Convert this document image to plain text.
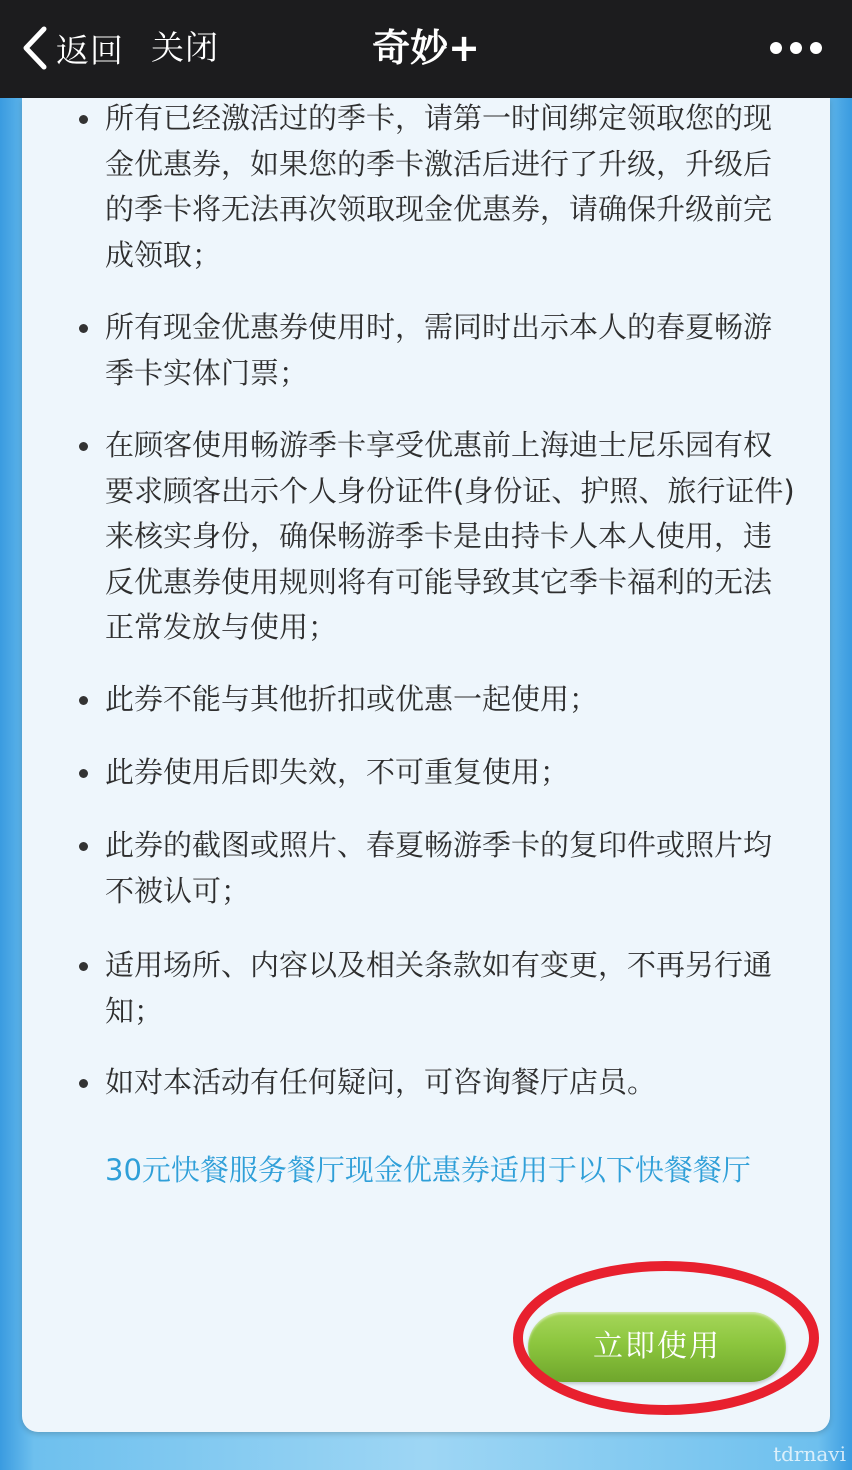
返回 关闭	奇妙+
所有已经激活过的季卡，请第一时间绑定领取您的现金优惠券，如果您的季卡激活后进行了升级，升级后的季卡将无法再次领取现金优惠券，请确保升级前完成领取；
所有现金优惠券使用时，需同时出示本人的春夏畅游季卡实体门票；
在顾客使用畅游季卡享受优惠前上海迪士尼乐园有权要求顾客出示个人身份证件(身份证、护照、旅行证件)来核实身份，确保畅游季卡是由持卡人本人使用，违反优惠券使用规则将有可能导致其它季卡福利的无法正常发放与使用；
此券不能与其他折扣或优惠一起使用；
此券使用后即失效，不可重复使用；
此券的截图或照片、春夏畅游季卡的复印件或照片均不被认可；
适用场所、内容以及相关条款如有变更，不再另行通知；
如对本活动有任何疑问，可咨询餐厅店员。
30元快餐服务餐厅现金优惠券适用于以下快餐餐厅
立即使用
tdrnavi
